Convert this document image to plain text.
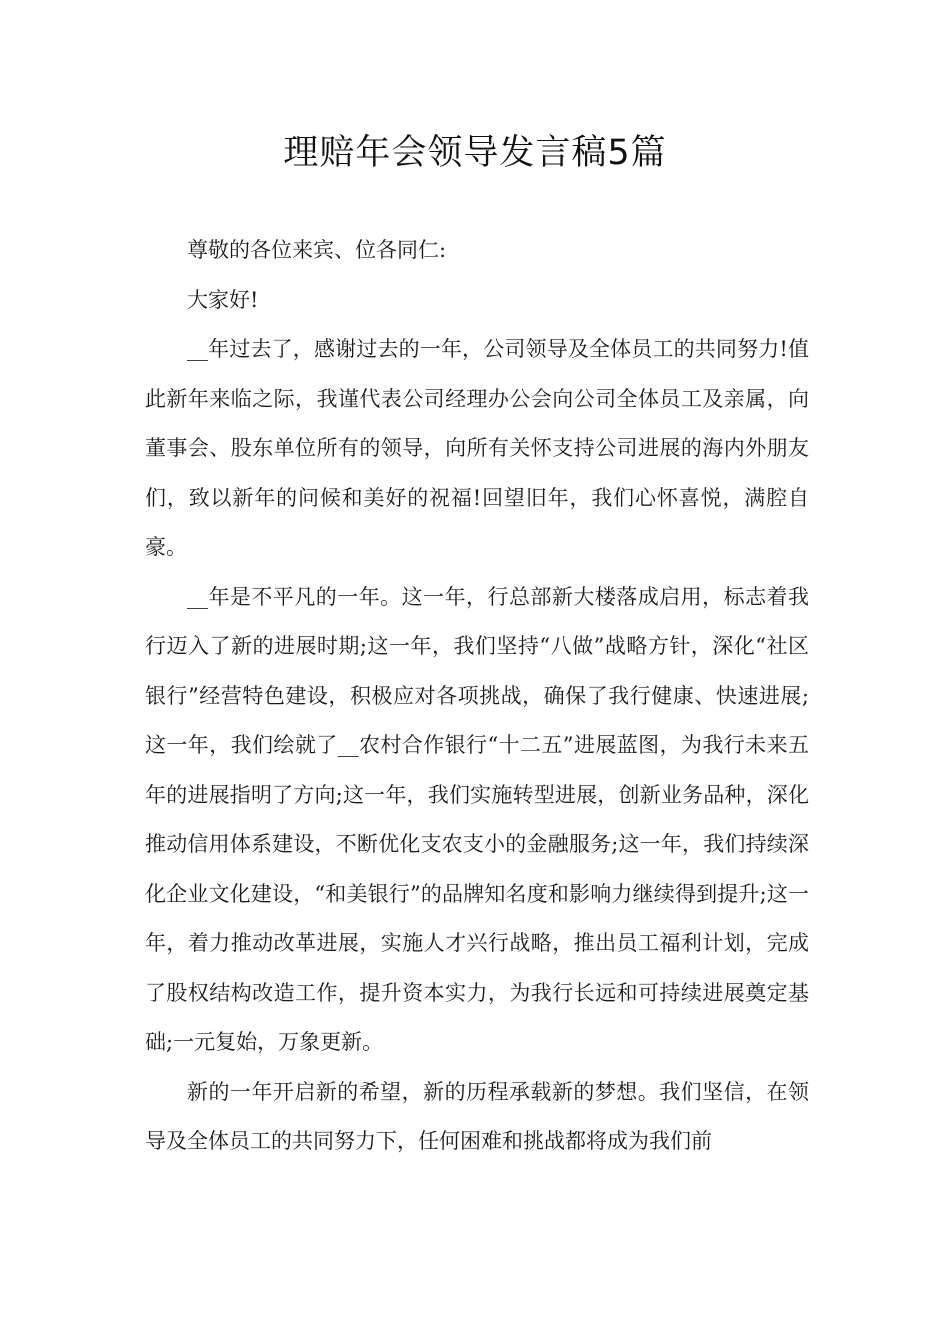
理赔年会领导发言稿5篇

尊敬的各位来宾、位各同仁:

大家好!

__年过去了，感谢过去的一年，公司领导及全体员工的共同努力!值此新年来临之际，我谨代表公司经理办公会向公司全体员工及亲属，向董事会、股东单位所有的领导，向所有关怀支持公司进展的海内外朋友们，致以新年的问候和美好的祝福!回望旧年，我们心怀喜悦，满腔自豪。

__年是不平凡的一年。这一年，行总部新大楼落成启用，标志着我行迈入了新的进展时期;这一年，我们坚持“八做”战略方针，深化“社区银行”经营特色建设，积极应对各项挑战，确保了我行健康、快速进展;这一年，我们绘就了__农村合作银行“十二五”进展蓝图，为我行未来五年的进展指明了方向;这一年，我们实施转型进展，创新业务品种，深化推动信用体系建设，不断优化支农支小的金融服务;这一年，我们持续深化企业文化建设，“和美银行”的品牌知名度和影响力继续得到提升;这一年，着力推动改革进展，实施人才兴行战略，推出员工福利计划，完成了股权结构改造工作，提升资本实力，为我行长远和可持续进展奠定基础;一元复始，万象更新。

新的一年开启新的希望，新的历程承载新的梦想。我们坚信，在领导及全体员工的共同努力下，任何困难和挑战都将成为我们前
